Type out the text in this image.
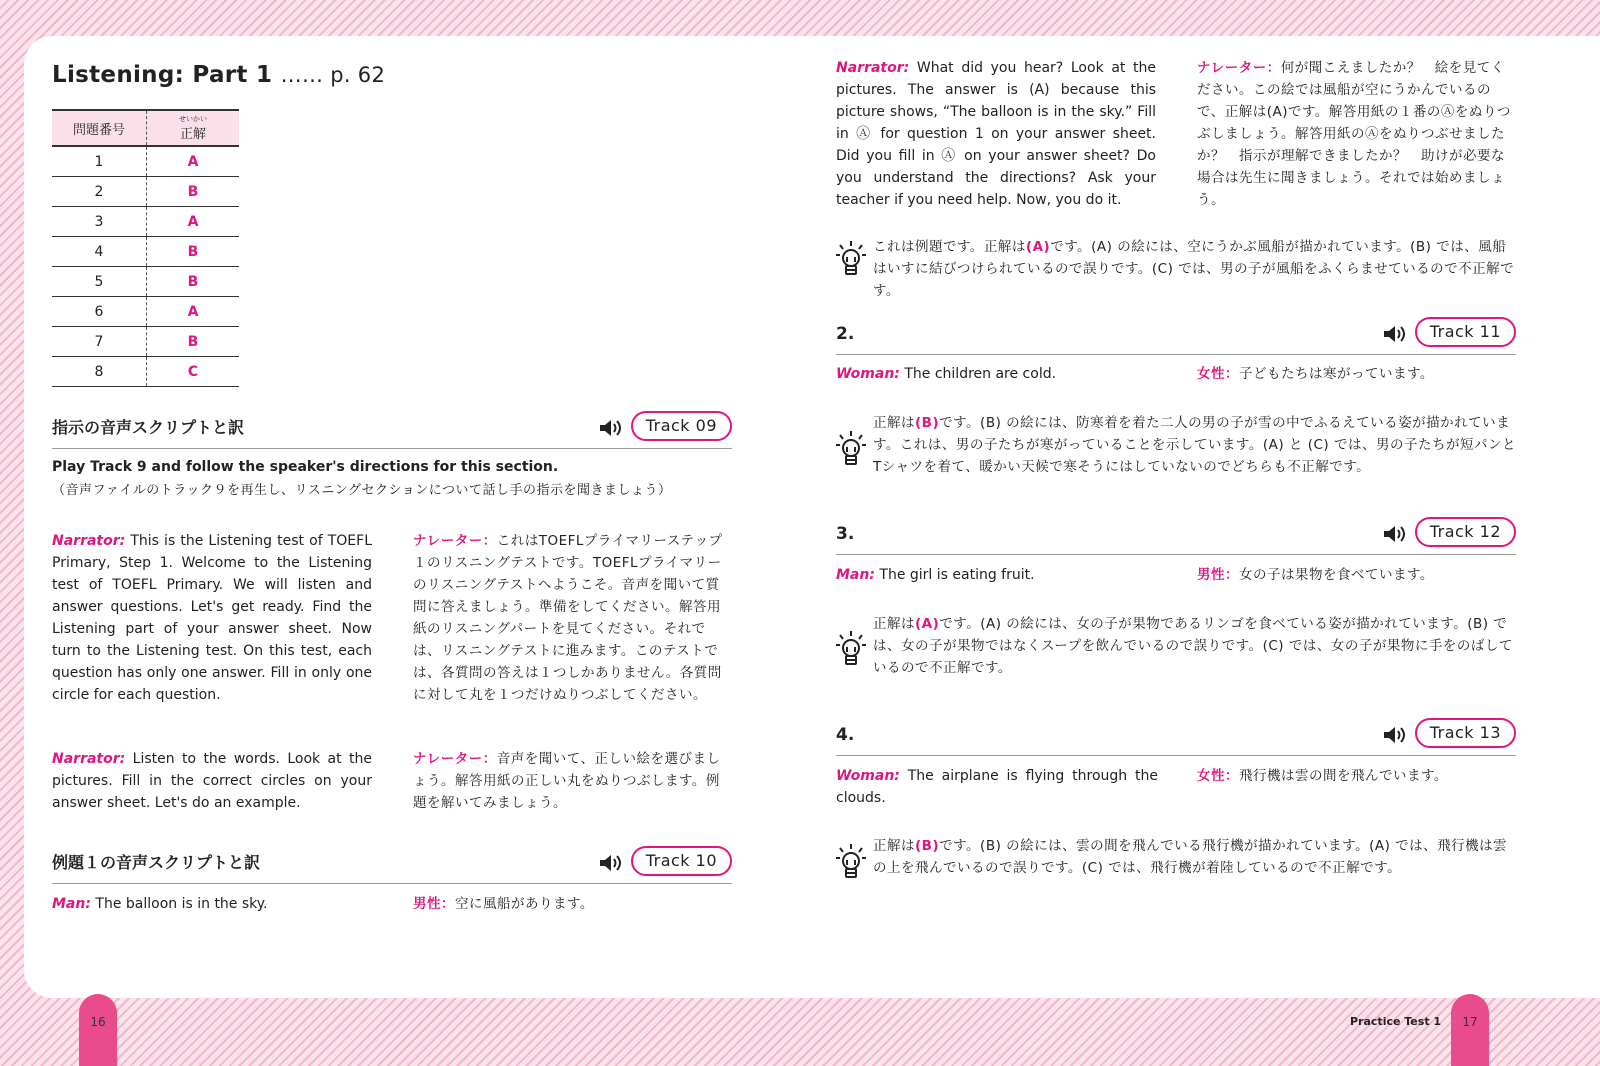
Listening: Part 1 …… p. 62
問題番号	せいかい
正解
1	A
2	B
3	A
4	B
5	B
6	A
7	B
8	C
指示の音声スクリプトと訳	Track 09
Play Track 9 and follow the speaker's directions for this section.
（音声ファイルのトラック９を再生し、リスニングセクションについて話し手の指示を聞きましょう）
Narrator: This is the Listening test of TOEFL Primary, Step 1. Welcome to the Listening test of TOEFL Primary. We will listen and answer questions. Let's get ready. Find the Listening part of your answer sheet. Now turn to the Listening test. On this test, each question has only one answer. Fill in only one circle for each question.
ナレーター：これはTOEFLプライマリーステップ１のリスニングテストです。TOEFLプライマリーのリスニングテストへようこそ。音声を聞いて質問に答えましょう。準備をしてください。解答用紙のリスニングパートを見てください。それでは、リスニングテストに進みます。このテストでは、各質問の答えは１つしかありません。各質問に対して丸を１つだけぬりつぶしてください。
Narrator: Listen to the words. Look at the pictures. Fill in the correct circles on your answer sheet. Let's do an example.
ナレーター：音声を聞いて、正しい絵を選びましょう。解答用紙の正しい丸をぬりつぶします。例題を解いてみましょう。
例題１の音声スクリプトと訳	Track 10
Man: The balloon is in the sky.	男性：空に風船があります。
Narrator: What did you hear? Look at the pictures. The answer is (A) because this picture shows, “The balloon is in the sky.” Fill in Ⓐ for question 1 on your answer sheet. Did you fill in Ⓐ on your answer sheet? Do you understand the directions? Ask your teacher if you need help. Now, you do it.
ナレーター：何が聞こえましたか？　絵を見てください。この絵では風船が空にうかんでいるので、正解は(A)です。解答用紙の１番のⒶをぬりつぶしましょう。解答用紙のⒶをぬりつぶせましたか？　指示が理解できましたか？　助けが必要な場合は先生に聞きましょう。それでは始めましょう。
これは例題です。正解は(A)です。(A) の絵には、空にうかぶ風船が描かれています。(B) では、風船はいすに結びつけられているので誤りです。(C) では、男の子が風船をふくらませているので不正解です。
2.	Track 11
Woman: The children are cold.	女性：子どもたちは寒がっています。
正解は(B)です。(B) の絵には、防寒着を着た二人の男の子が雪の中でふるえている姿が描かれています。これは、男の子たちが寒がっていることを示しています。(A) と (C) では、男の子たちが短パンとTシャツを着て、暖かい天候で寒そうにはしていないのでどちらも不正解です。
3.	Track 12
Man: The girl is eating fruit.	男性：女の子は果物を食べています。
正解は(A)です。(A) の絵には、女の子が果物であるリンゴを食べている姿が描かれています。(B) では、女の子が果物ではなくスープを飲んでいるので誤りです。(C) では、女の子が果物に手をのばしているので不正解です。
4.	Track 13
Woman: The airplane is flying through the clouds.
女性：飛行機は雲の間を飛んでいます。
正解は(B)です。(B) の絵には、雲の間を飛んでいる飛行機が描かれています。(A) では、飛行機は雲の上を飛んでいるので誤りです。(C) では、飛行機が着陸しているので不正解です。
16	Practice Test 1	17
